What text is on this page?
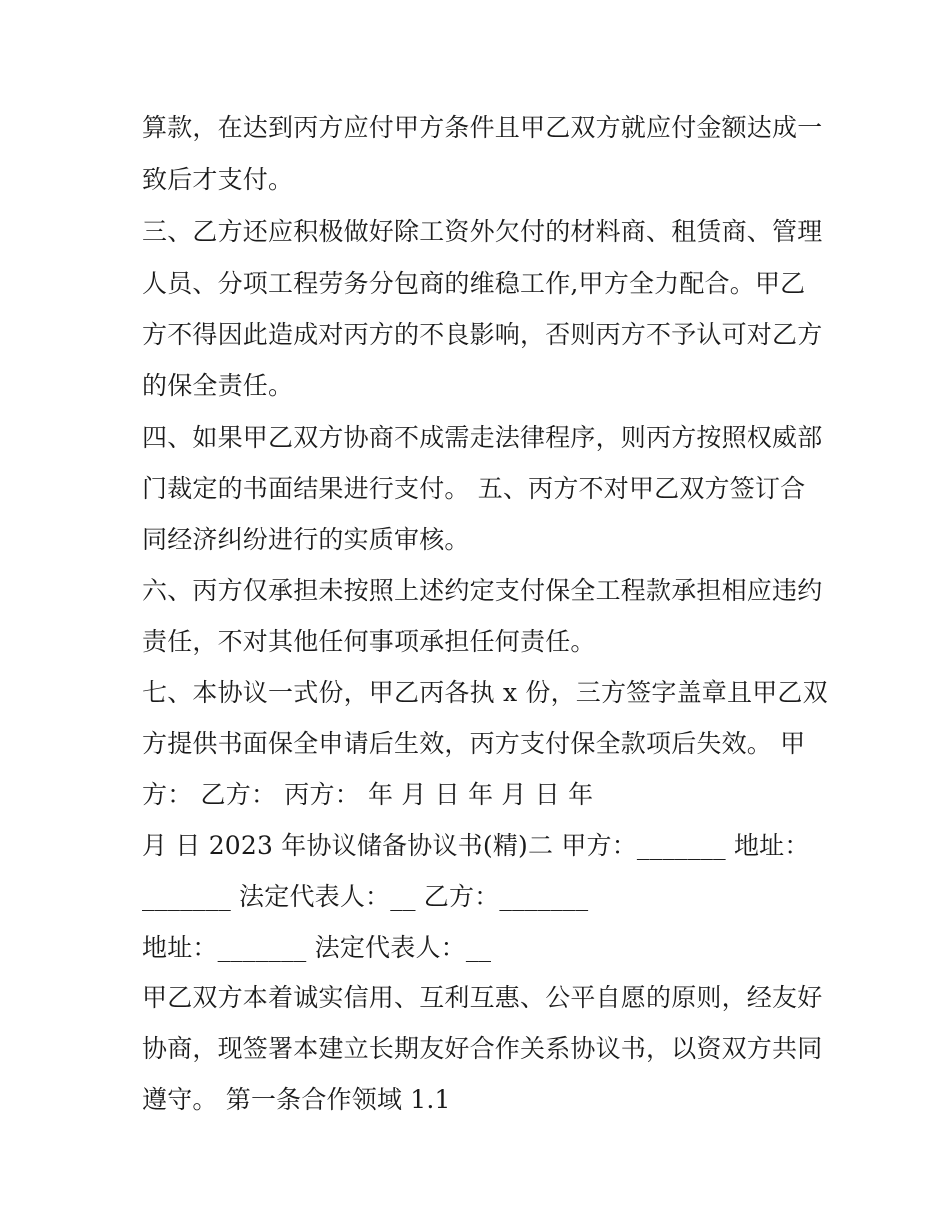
算款，在达到丙方应付甲方条件且甲乙双方就应付金额达成一
致后才支付。
三、乙方还应积极做好除工资外欠付的材料商、租赁商、管理
人员、分项工程劳务分包商的维稳工作,甲方全力配合。甲乙
方不得因此造成对丙方的不良影响，否则丙方不予认可对乙方
的保全责任。
四、如果甲乙双方协商不成需走法律程序，则丙方按照权威部
门裁定的书面结果进行支付。 五、丙方不对甲乙双方签订合
同经济纠纷进行的实质审核。
六、丙方仅承担未按照上述约定支付保全工程款承担相应违约
责任，不对其他任何事项承担任何责任。
七、本协议一式份，甲乙丙各执 x 份，三方签字盖章且甲乙双
方提供书面保全申请后生效，丙方支付保全款项后失效。 甲
方： 乙方： 丙方： 年 月 日 年 月 日 年
月 日 2023 年协议储备协议书(精)二 甲方：_______ 地址：
_______ 法定代表人：__ 乙方：_______
地址：_______ 法定代表人：__
甲乙双方本着诚实信用、互利互惠、公平自愿的原则，经友好
协商，现签署本建立长期友好合作关系协议书，以资双方共同
遵守。 第一条合作领域 1.1
